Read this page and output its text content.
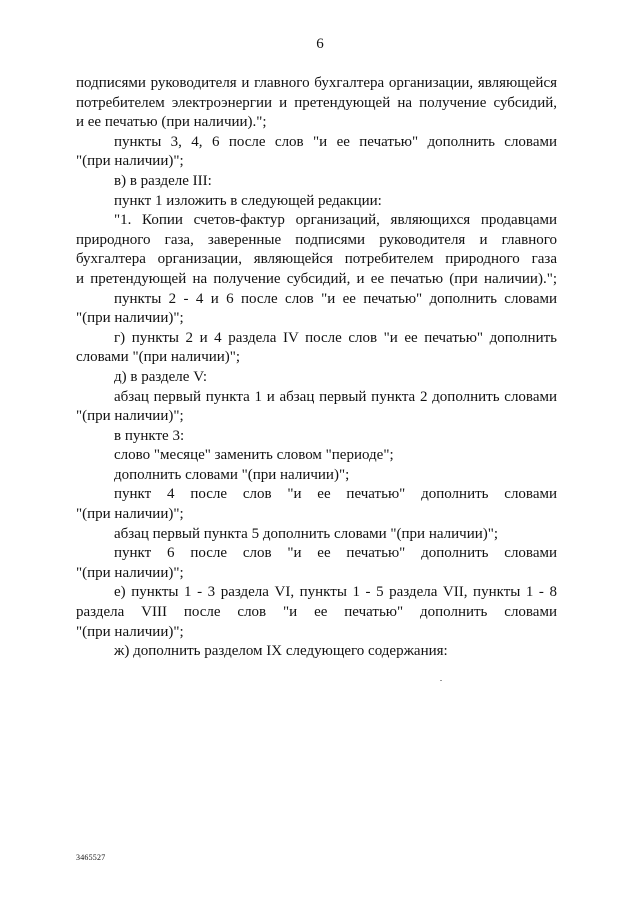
6
подписями руководителя и главного бухгалтера организации, являющейся
потребителем электроэнергии и претендующей на получение субсидий,
и ее печатью (при наличии).";
пункты 3, 4, 6 после слов "и ее печатью" дополнить словами
"(при наличии)";
в) в разделе III:
пункт 1 изложить в следующей редакции:
"1. Копии счетов-фактур организаций, являющихся продавцами
природного газа, заверенные подписями руководителя и главного
бухгалтера организации, являющейся потребителем природного газа
и претендующей на получение субсидий, и ее печатью (при наличии).";
пункты 2 - 4 и 6 после слов "и ее печатью" дополнить словами
"(при наличии)";
г) пункты 2 и 4 раздела IV после слов "и ее печатью" дополнить
словами "(при наличии)";
д) в разделе V:
абзац первый пункта 1 и абзац первый пункта 2 дополнить словами
"(при наличии)";
в пункте 3:
слово "месяце" заменить словом "периоде";
дополнить словами "(при наличии)";
пункт 4 после слов "и ее печатью" дополнить словами
"(при наличии)";
абзац первый пункта 5 дополнить словами "(при наличии)";
пункт 6 после слов "и ее печатью" дополнить словами
"(при наличии)";
е) пункты 1 - 3 раздела VI, пункты 1 - 5 раздела VII, пункты 1 - 8
раздела VIII после слов "и ее печатью" дополнить словами
"(при наличии)";
ж) дополнить разделом IX следующего содержания:
3465527
